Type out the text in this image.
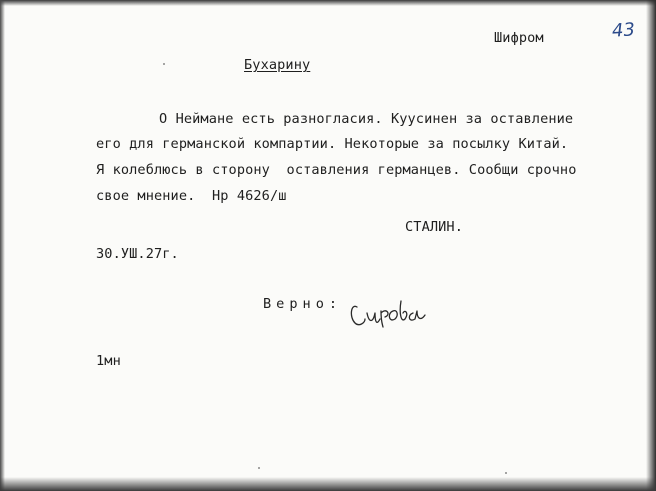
43
Шифром
Бухарину
О Неймане есть разногласия. Куусинен за оставление
его для германской компартии. Некоторые за посылку Китай.
Я колеблюсь в сторону  оставления германцев. Сообщи срочно
свое мнение.  Нр 4626/ш
СТАЛИН.
30.УШ.27г.
Верно:
1мн
